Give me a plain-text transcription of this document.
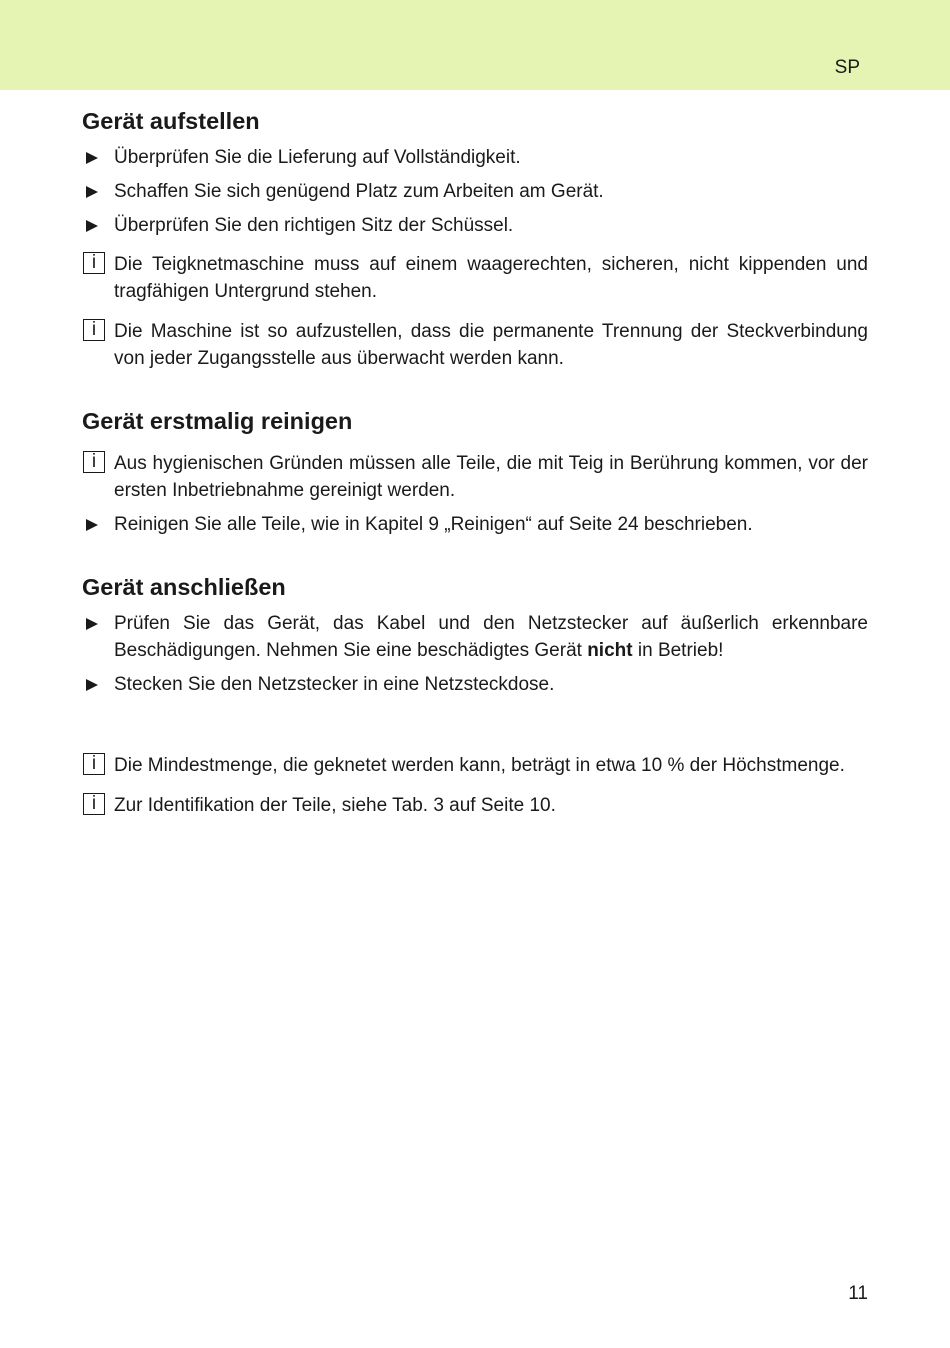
SP
Gerät aufstellen
Überprüfen Sie die Lieferung auf Vollständigkeit.
Schaffen Sie sich genügend Platz zum Arbeiten am Gerät.
Überprüfen Sie den richtigen Sitz der Schüssel.
i Die Teigknetmaschine muss auf einem waagerechten, sicheren, nicht kippenden und tragfähigen Untergrund stehen.
i Die Maschine ist so aufzustellen, dass die permanente Trennung der Steckverbindung von jeder Zugangsstelle aus überwacht werden kann.
Gerät erstmalig reinigen
i Aus hygienischen Gründen müssen alle Teile, die mit Teig in Berührung kommen, vor der ersten Inbetriebnahme gereinigt werden.
Reinigen Sie alle Teile, wie in Kapitel 9 „Reinigen“ auf Seite 24 beschrieben.
Gerät anschließen
Prüfen Sie das Gerät, das Kabel und den Netzstecker auf äußerlich erkennbare Beschädigungen. Nehmen Sie eine beschädigtes Gerät nicht in Betrieb!
Stecken Sie den Netzstecker in eine Netzsteckdose.
i Die Mindestmenge, die geknetet werden kann, beträgt in etwa 10 % der Höchstmenge.
i Zur Identifikation der Teile, siehe Tab. 3 auf Seite 10.
11
